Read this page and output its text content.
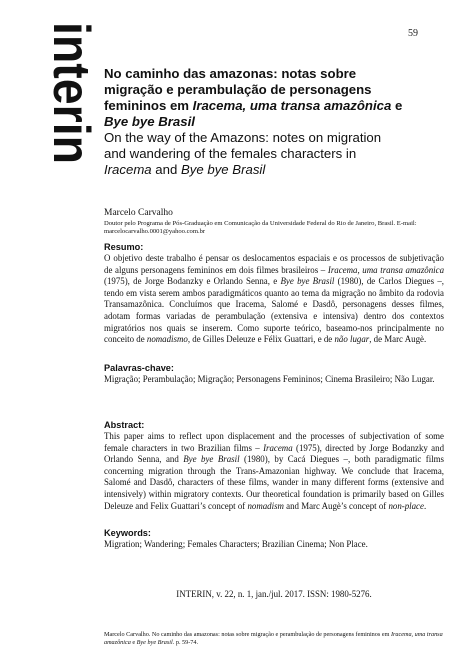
59
interin No caminho das amazonas: notas sobre
migração e perambulação de personagens
femininos em Iracema, uma transa amazônica e
Bye bye Brasil

On the way of the Amazons: notes on migration
and wandering of the females characters in
Iracema and Bye bye Brasil

Marcelo Carvalho
Doutor pelo Programa de Pós-Graduação em Comunicação da Universidade Federal do Rio de Janeiro, Brasil. E-mail:
marcelocarvalho.0001@yahoo.com.br

Resumo:

O objetivo deste trabalho é pensar os deslocamentos espaciais e os processos de subjetivação de alguns personagens femininos em dois filmes brasileiros – Iracema, uma transa amazônica (1975), de Jorge Bodanzky e Orlando Senna, e Bye bye Brasil (1980), de Carlos Diegues –, tendo em vista serem ambos paradigmáticos quanto ao tema da migração no âmbito da rodovia Transamazônica. Concluímos que Iracema, Salomé e Dasdô, personagens desses filmes, adotam formas variadas de perambulação (extensiva e intensiva) dentro dos contextos migratórios nos quais se inserem. Como suporte teórico, baseamo-nos principalmente no conceito de nomadismo, de Gilles Deleuze e Félix Guattari, e de não lugar, de Marc Augè.

Palavras-chave:

Migração; Perambulação; Migração; Personagens Femininos; Cinema Brasileiro; Não Lugar.

Abstract:

This paper aims to reflect upon displacement and the processes of subjectivation of some female characters in two Brazilian films – Iracema (1975), directed by Jorge Bodanzky and Orlando Senna, and Bye bye Brasil (1980), by Cacá Diegues –, both paradigmatic films concerning migration through the Trans-Amazonian highway. We conclude that Iracema, Salomé and Dasdô, characters of these films, wander in many different forms (extensive and intensively) within migratory contexts. Our theoretical foundation is primarily based on Gilles Deleuze and Felix Guattari’s concept of nomadism and Marc Augè’s concept of non-place.

Keywords:

Migration; Wandering; Females Characters; Brazilian Cinema; Non Place.

INTERIN, v. 22, n. 1, jan./jul. 2017. ISSN: 1980-5276.
Marcelo Carvalho. No caminho das amazonas: notas sobre migração e perambulação de personagens femininos em Iracema, uma transa amazônica e Bye bye Brasil. p. 59-74.
